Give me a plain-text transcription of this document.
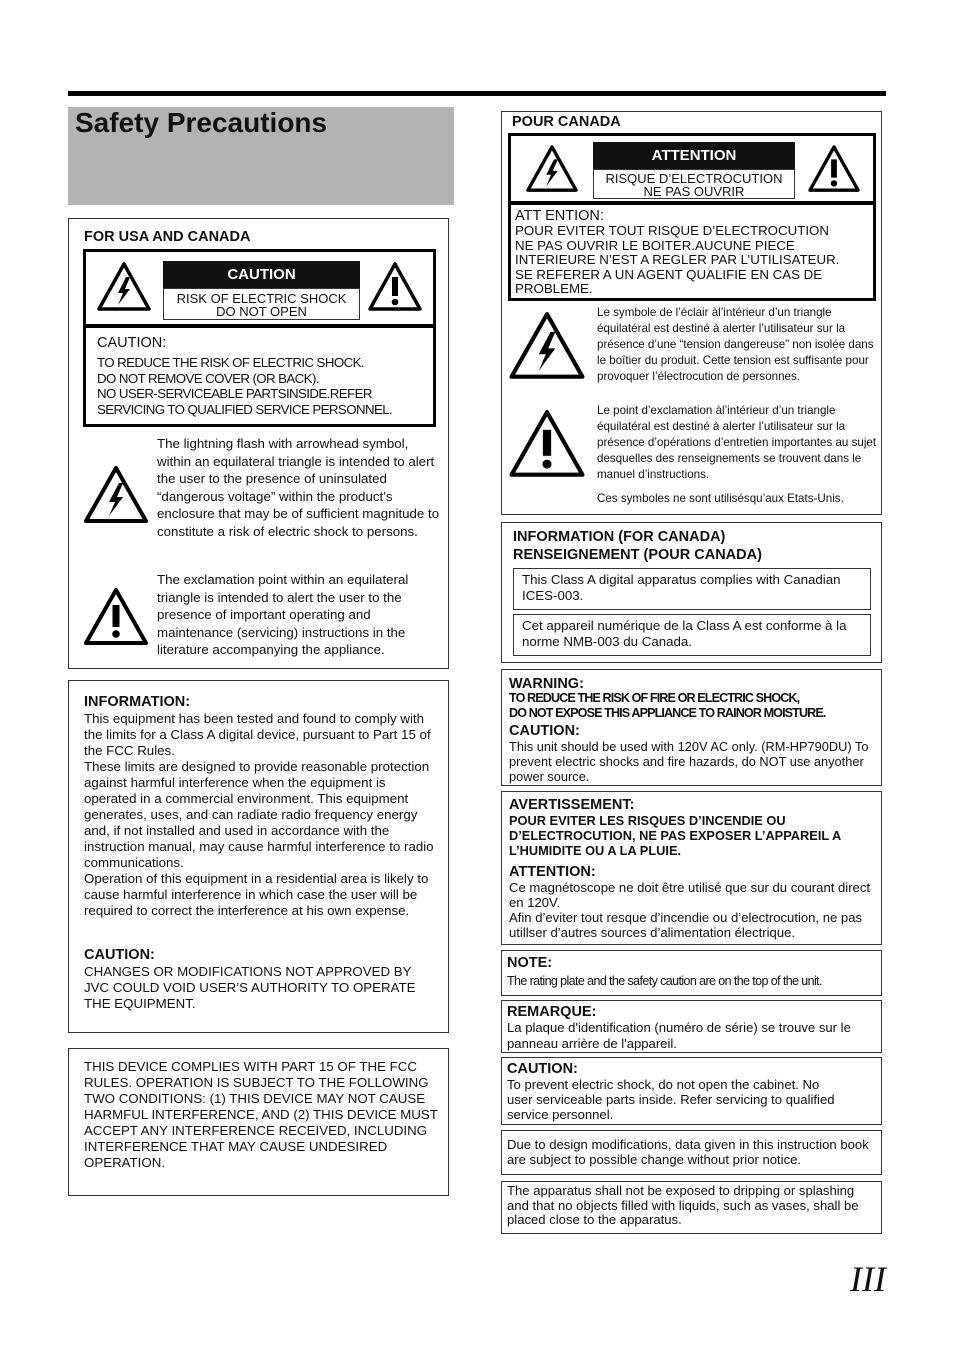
Safety Precautions
FOR USA AND CANADA
CAUTION
RISK OF ELECTRIC SHOCK
DO NOT OPEN
CAUTION:
TO REDUCE THE RISK OF ELECTRIC SHOCK.
DO NOT REMOVE COVER (OR BACK).
NO USER-SERVICEABLE PARTSINSIDE.REFER
SERVICING TO QUALIFIED SERVICE PERSONNEL.
The lightning flash with arrowhead symbol, within an equilateral triangle is intended to alert the user to the presence of uninsulated “dangerous voltage” within the product’s enclosure that may be of sufficient magnitude to constitute a risk of electric shock to persons.
The exclamation point within an equilateral triangle is intended to alert the user to the presence of important operating and maintenance (servicing) instructions in the literature accompanying the appliance.
INFORMATION:

This equipment has been tested and found to comply with the limits for a Class A digital device, pursuant to Part 15 of the FCC Rules.

These limits are designed to provide reasonable protection against harmful interference when the equipment is operated in a commercial environment. This equipment generates, uses, and can radiate radio frequency energy and, if not installed and used in accordance with the instruction manual, may cause harmful interference to radio communications.

Operation of this equipment in a residential area is likely to cause harmful interference in which case the user will be required to correct the interference at his own expense.

CAUTION:
CHANGES OR MODIFICATIONS NOT APPROVED BY JVC COULD VOID USER’S AUTHORITY TO OPERATE THE EQUIPMENT.
THIS DEVICE COMPLIES WITH PART 15 OF THE FCC RULES. OPERATION IS SUBJECT TO THE FOLLOWING TWO CONDITIONS: (1) THIS DEVICE MAY NOT CAUSE HARMFUL INTERFERENCE, AND (2) THIS DEVICE MUST ACCEPT ANY INTERFERENCE RECEIVED, INCLUDING INTERFERENCE THAT MAY CAUSE UNDESIRED OPERATION.
POUR CANADA
ATTENTION
RISQUE D’ELECTROCUTION
NE PAS OUVRIR
ATT ENTION:
POUR EVITER TOUT RISQUE D’ELECTROCUTION
NE PAS OUVRIR LE BOITER.AUCUNE PIECE
INTERIEURE N’EST A REGLER PAR L’UTILISATEUR.
SE REFERER A UN AGENT QUALIFIE EN CAS DE
PROBLEME.
Le symbole de l’éclair àl’intérieur d’un triangle équilatéral est destiné à alerter l’utilisateur sur la présence d’une “tension dangereuse” non isolée dans le boîtier du produit. Cette tension est suffisante pour provoquer l’électrocution de personnes.
Le point d’exclamation àl’intérieur d’un triangle équilatéral est destiné à alerter l’utilisateur sur la présence d’opérations d’entretien importantes au sujet desquelles des renseignements se trouvent dans le manuel d’instructions.
Ces symboles ne sont utilisésqu’aux Etats-Unis.
INFORMATION (FOR CANADA)
RENSEIGNEMENT (POUR CANADA)
This Class A digital apparatus complies with Canadian ICES-003.
Cet appareil numérique de la Class A est conforme à la norme NMB-003 du Canada.
WARNING:
TO REDUCE THE RISK OF FIRE OR ELECTRIC SHOCK,
DO NOT EXPOSE THIS APPLIANCE TO RAINOR MOISTURE.
CAUTION:
This unit should be used with 120V AC only. (RM-HP790DU) To prevent electric shocks and fire hazards, do NOT use anyother power source.
AVERTISSEMENT:
POUR EVITER LES RISQUES D’INCENDIE OU D’ELECTROCUTION, NE PAS EXPOSER L’APPAREIL A L’HUMIDITE OU A LA PLUIE.
ATTENTION:

Ce magnétoscope ne doit être utilisé que sur du courant direct en 120V.

Afin d’eviter tout resque d’incendie ou d’electrocution, ne pas utillser d’autres sources d’alimentation électrique.

NOTE:
The rating plate and the safety caution are on the top of the unit.
REMARQUE:
La plaque d'identification (numéro de série) se trouve sur le panneau arrière de l'appareil.
CAUTION:
To prevent electric shock, do not open the cabinet. No user serviceable parts inside. Refer servicing to qualified service personnel.
Due to design modifications, data given in this instruction book are subject to possible change without prior notice.
The apparatus shall not be exposed to dripping or splashing and that no objects filled with liquids, such as vases, shall be placed close to the apparatus.
III
